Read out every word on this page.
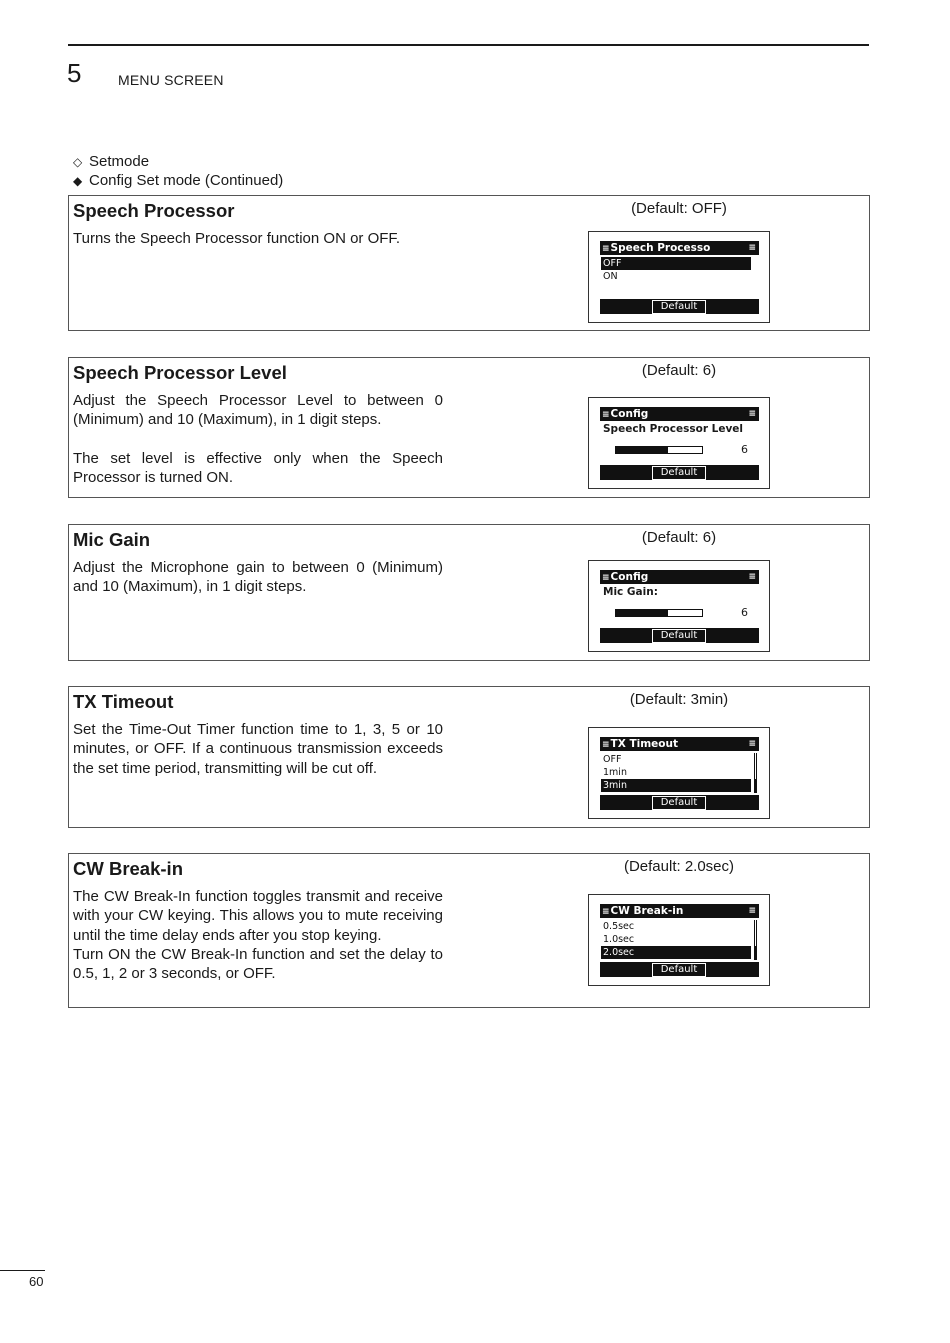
5	MENU SCREEN
◇ Setmode
◆ Config Set mode (Continued)
Speech Processor	(Default: OFF)

Turns the Speech Processor function ON or OFF.

≡Speech Processo	≡
OFF
ON
Default
Speech Processor Level	(Default: 6)

Adjust the Speech Processor Level to between 0 (Minimum) and 10 (Maximum), in 1 digit steps.

The set level is effective only when the Speech Processor is turned ON.

≡Config	≡
Speech Processor Level
6
Default
Mic Gain	(Default: 6)

Adjust the Microphone gain to between 0 (Minimum) and 10 (Maximum), in 1 digit steps.

≡Config	≡
Mic Gain:
6
Default
TX Timeout	(Default: 3min)

Set the Time-Out Timer function time to 1, 3, 5 or 10 minutes, or OFF. If a continuous transmission exceeds the set time period, transmitting will be cut off.

≡TX Timeout	≡
OFF
1min
3min
Default
CW Break-in	(Default: 2.0sec)

The CW Break-In function toggles transmit and receive with your CW keying. This allows you to mute receiving until the time delay ends after you stop keying.

Turn ON the CW Break-In function and set the delay to 0.5, 1, 2 or 3 seconds, or OFF.

≡CW Break-in	≡
0.5sec
1.0sec
2.0sec
Default
60
